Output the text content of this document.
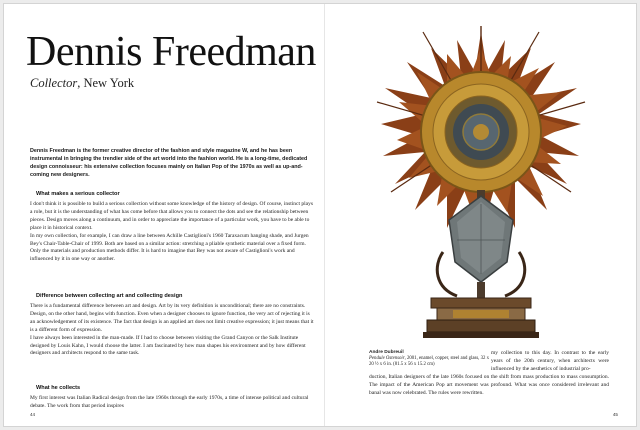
Dennis Freedman

Collector, New York

Dennis Freedman is the former creative director of the fashion and style magazine W, and he has been instrumental in bringing the trendier side of the art world into the fashion world. He is a long-time, dedicated design connoisseur: his extensive collection focuses mainly on Italian Pop of the 1970s as well as up-and-coming new designers.

What makes a serious collector

I don't think it is possible to build a serious collection without some knowledge of the history of design. Of course, instinct plays a role, but it is the understanding of what has come before that allows you to connect the dots and see the relationship between pieces. Design moves along a continuum, and in order to appreciate the importance of a particular work, you have to be able to place it in historical context.

In my own collection, for example, I can draw a line between Achille Castiglioni's 1960 Taraxacum hanging shade, and Jurgen Bey's Chair-Table-Chair of 1999. Both are based on a similar action: stretching a pliable synthetic material over a fixed form. Only the materials and production methods differ. It is hard to imagine that Bey was not aware of Castiglioni's work and influenced by it in one way or another.

Difference between collecting art and collecting design

There is a fundamental difference between art and design. Art by its very definition is unconditional; there are no constraints. Design, on the other hand, begins with function. Even when a designer chooses to ignore function, the very act of rejecting it is an acknowledgement of its existence. The fact that design is an applied art does not limit creative expression; it just means that it is a different form of expression.

I have always been interested in the man-made. If I had to choose between visiting the Grand Canyon or the Salk Institute designed by Louis Kahn, I would choose the latter. I am fascinated by how man shapes his environment and by how different designers and architects respond to the same task.

What he collects

My first interest was Italian Radical design from the late 1960s through the early 1970s, a time of intense political and cultural debate. The work from that period inspires

44
Andre Dubreuil
Pendule Ostensoir, 2001, enamel, copper, steel and glass, 32 x 20 ½ x 6 in. (81.5 x 56 x 15.2 cm)
my collection to this day. In contrast to the early years of the 20th century, when architects were influenced by the aesthetics of industrial pro-
duction, Italian designers of the late 1960s focused on the shift from mass production to mass consumption. The impact of the American Pop art movement was profound. What was once considered irrelevant and banal was now celebrated. The rules were rewritten.
45
